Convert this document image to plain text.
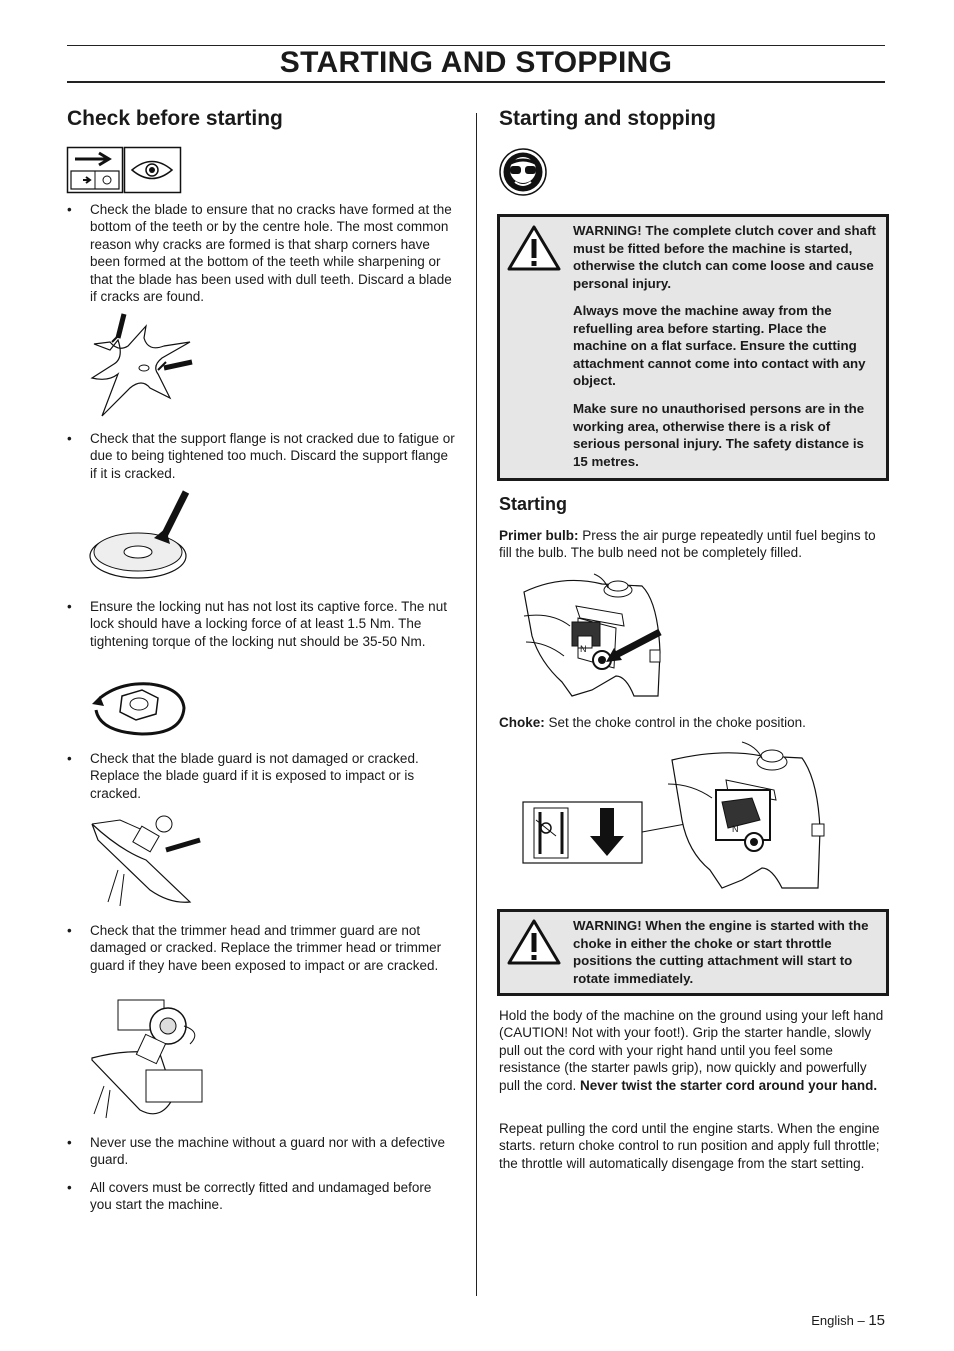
STARTING AND STOPPING
Check before starting
• Check the blade to ensure that no cracks have formed at the bottom of the teeth or by the centre hole. The most common reason why cracks are formed is that sharp corners have been formed at the bottom of the teeth while sharpening or that the blade has been used with dull teeth. Discard a blade if cracks are found.
• Check that the support flange is not cracked due to fatigue or due to being tightened too much. Discard the support flange if it is cracked.
• Ensure the locking nut has not lost its captive force. The nut lock should have a locking force of at least 1.5 Nm. The tightening torque of the locking nut should be 35-50 Nm.
• Check that the blade guard is not damaged or cracked. Replace the blade guard if it is exposed to impact or is cracked.
• Check that the trimmer head and trimmer guard are not damaged or cracked. Replace the trimmer head or trimmer guard if they have been exposed to impact or are cracked.
• Never use the machine without a guard nor with a defective guard.
• All covers must be correctly fitted and undamaged before you start the machine.
Starting and stopping
WARNING! The complete clutch cover and shaft must be fitted before the machine is started, otherwise the clutch can come loose and cause personal injury.
Always move the machine away from the refuelling area before starting. Place the machine on a flat surface. Ensure the cutting attachment cannot come into contact with any object.
Make sure no unauthorised persons are in the working area, otherwise there is a risk of serious personal injury. The safety distance is 15 metres.
Starting
Primer bulb: Press the air purge repeatedly until fuel begins to fill the bulb. The bulb need not be completely filled.
N
Choke: Set the choke control in the choke position.
N
WARNING! When the engine is started with the choke in either the choke or start throttle positions the cutting attachment will start to rotate immediately.
Hold the body of the machine on the ground using your left hand (CAUTION! Not with your foot!). Grip the starter handle, slowly pull out the cord with your right hand until you feel some resistance (the starter pawls grip), now quickly and powerfully pull the cord. Never twist the starter cord around your hand.
Repeat pulling the cord until the engine starts. When the engine starts. return choke control to run position and apply full throttle; the throttle will automatically disengage from the start setting.
English – 15
